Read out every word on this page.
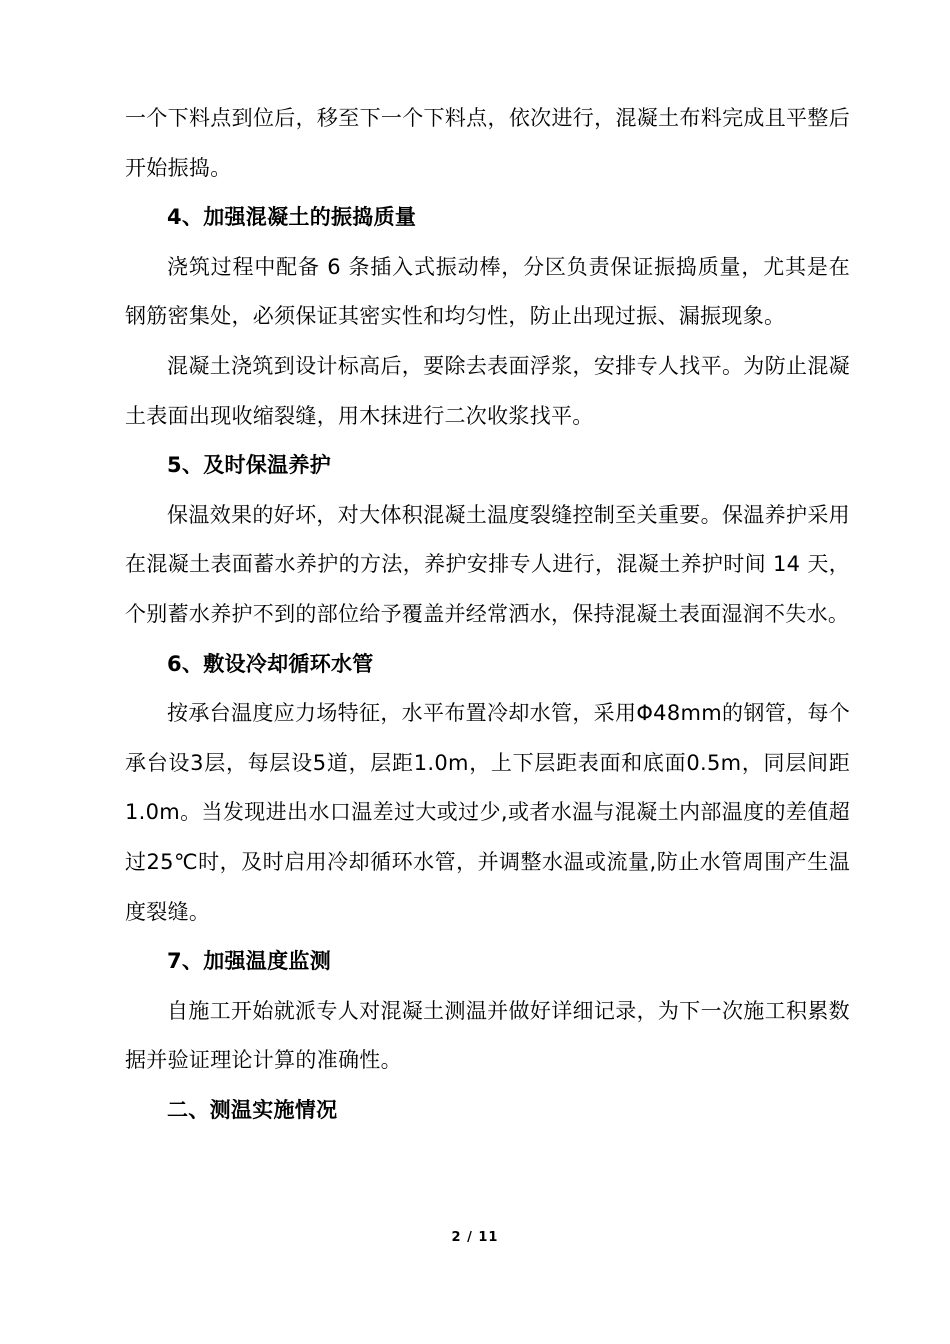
一个下料点到位后，移至下一个下料点，依次进行，混凝土布料完成且平整后开始振捣。

4、加强混凝土的振捣质量

浇筑过程中配备 6 条插入式振动棒，分区负责保证振捣质量，尤其是在钢筋密集处，必须保证其密实性和均匀性，防止出现过振、漏振现象。

混凝土浇筑到设计标高后，要除去表面浮浆，安排专人找平。为防止混凝土表面出现收缩裂缝，用木抹进行二次收浆找平。

5、及时保温养护

保温效果的好坏，对大体积混凝土温度裂缝控制至关重要。保温养护采用在混凝土表面蓄水养护的方法，养护安排专人进行，混凝土养护时间 14 天，个别蓄水养护不到的部位给予覆盖并经常洒水，保持混凝土表面湿润不失水。

6、敷设冷却循环水管

按承台温度应力场特征，水平布置冷却水管，采用Φ48mm的钢管，每个承台设3层，每层设5道，层距1.0m，上下层距表面和底面0.5m，同层间距1.0m。当发现进出水口温差过大或过少,或者水温与混凝土内部温度的差值超过25℃时，及时启用冷却循环水管，并调整水温或流量,防止水管周围产生温度裂缝。

7、加强温度监测

自施工开始就派专人对混凝土测温并做好详细记录，为下一次施工积累数据并验证理论计算的准确性。

二、测温实施情况

2 / 11
